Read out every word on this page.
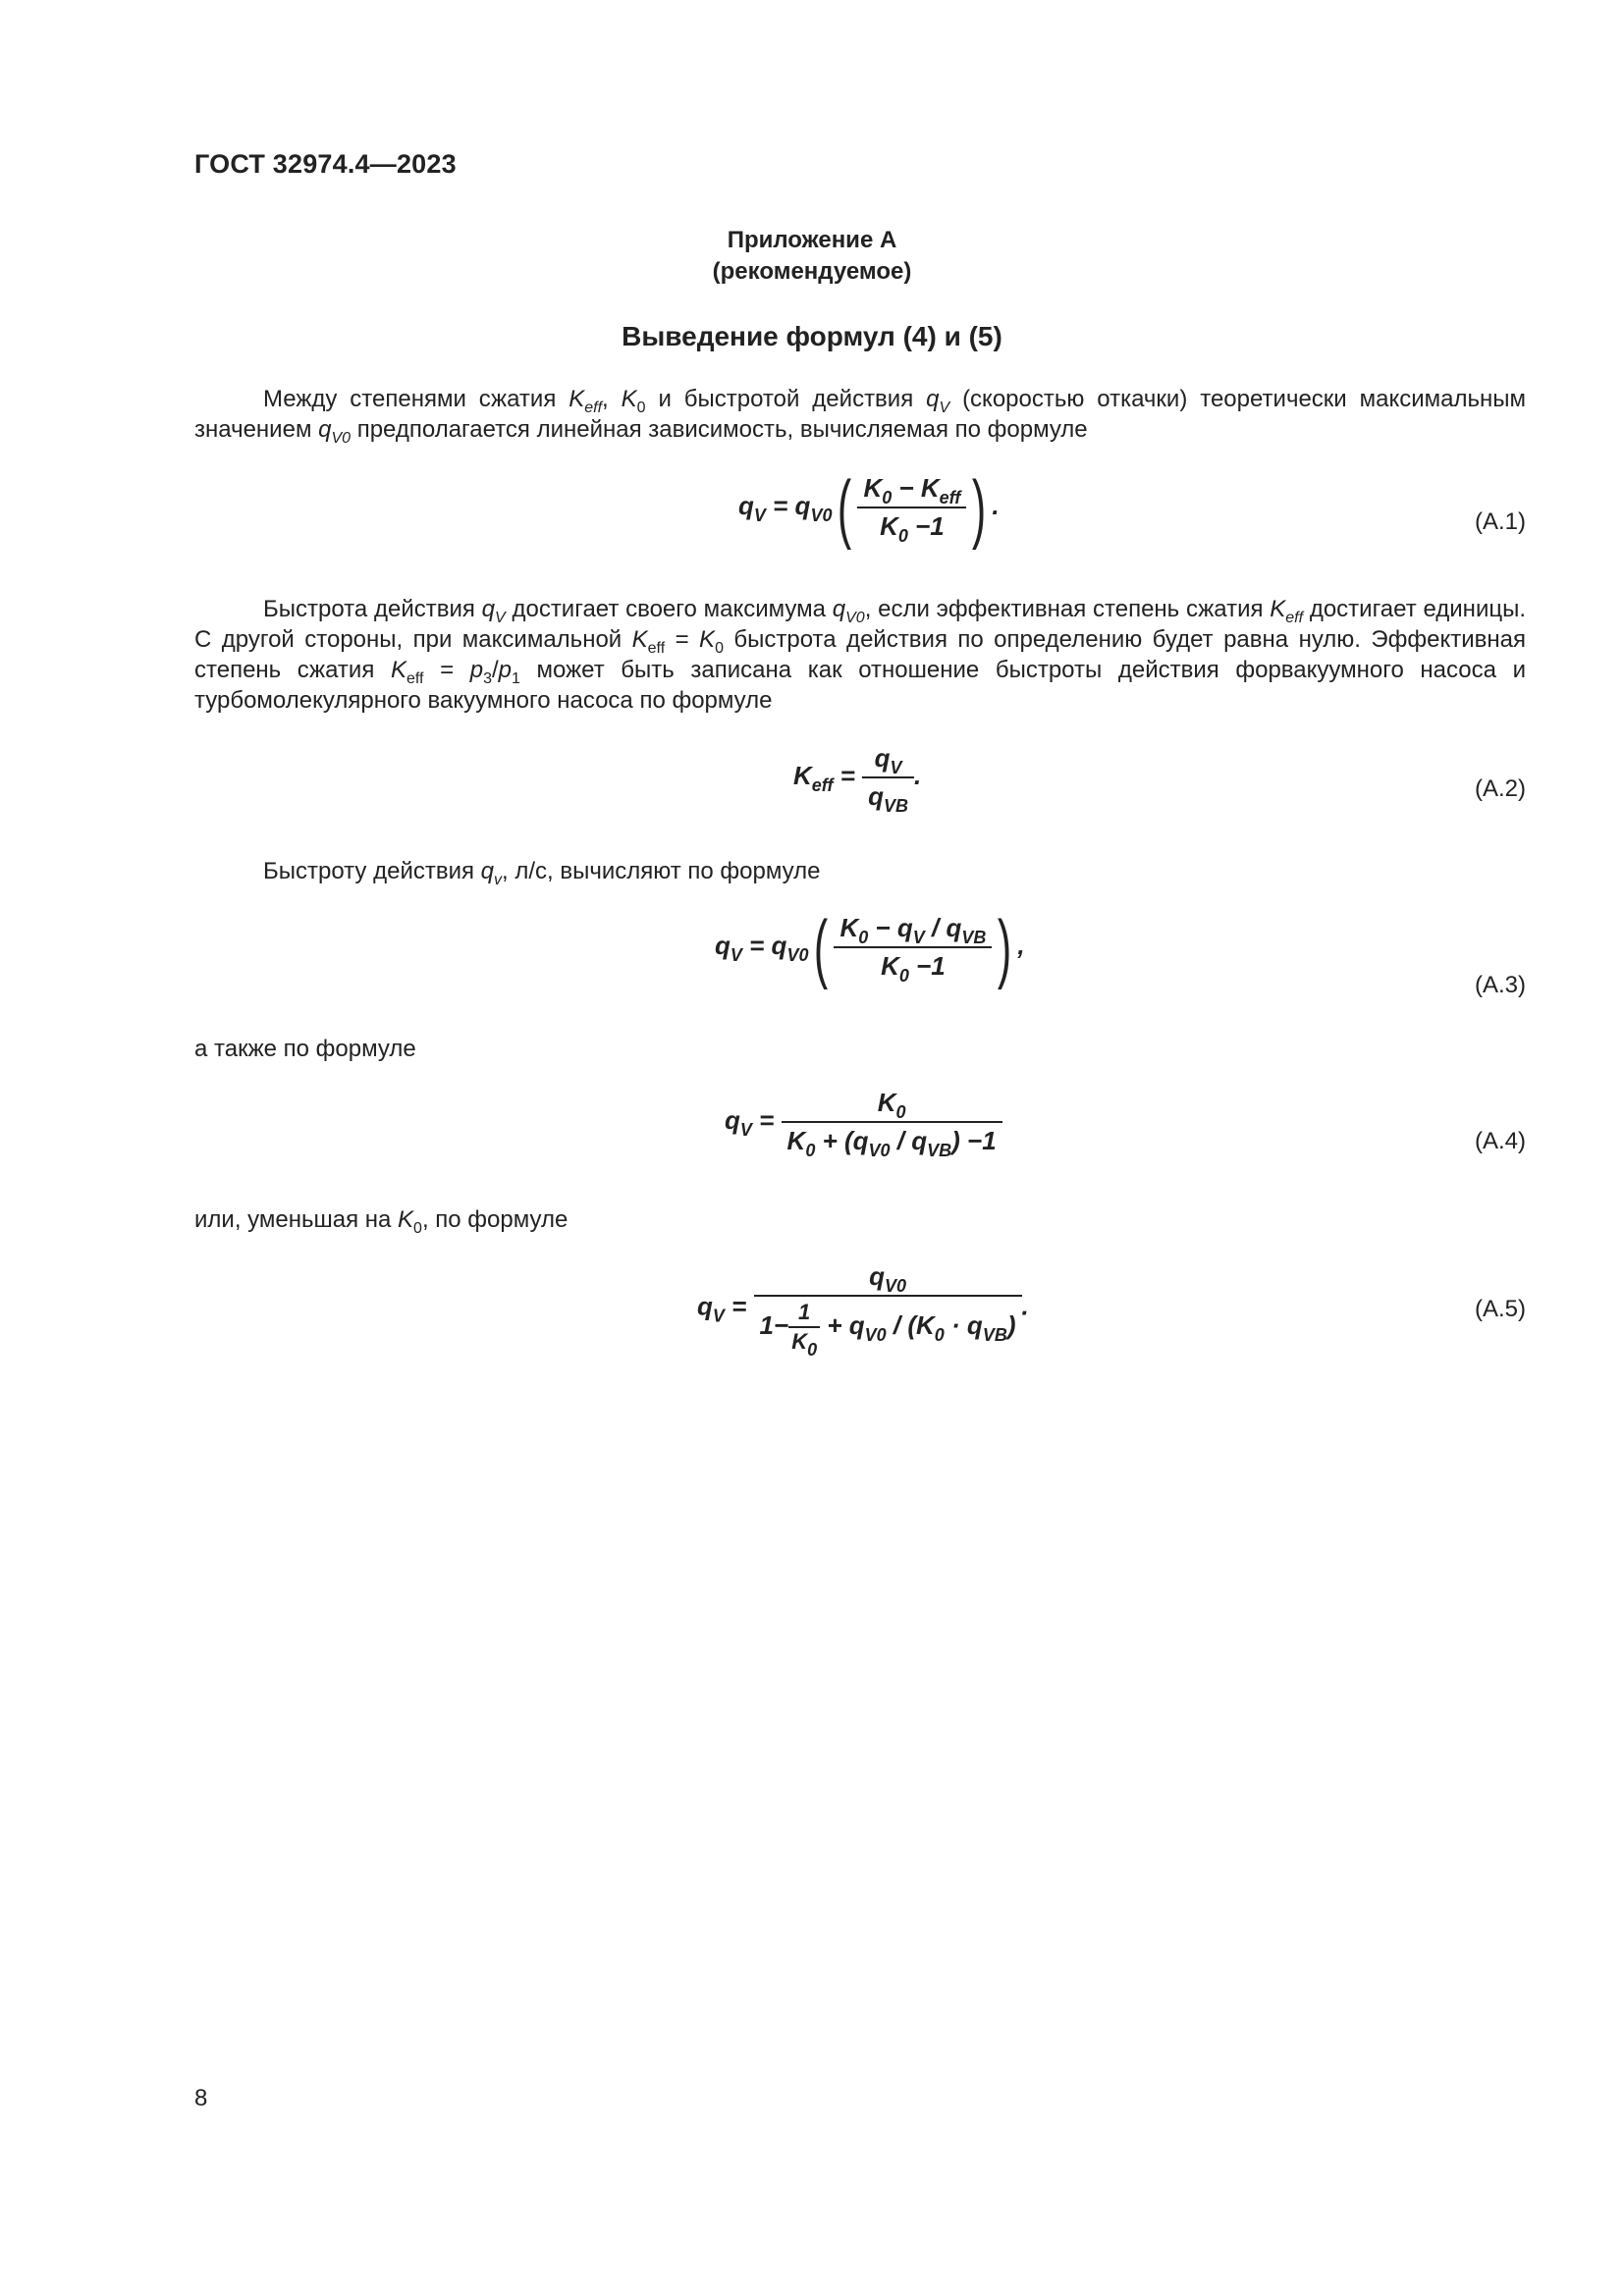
ГОСТ 32974.4—2023
Приложение А
(рекомендуемое)
Выведение формул (4) и (5)
Между степенями сжатия $K_{eff}$, $K_0$ и быстротой действия $q_V$ (скоростью откачки) теоретически максимальным значением $q_{V0}$ предполагается линейная зависимость, вычисляемая по формуле
$q_V = q_{V0}( \frac{K_0 - K_{eff}}{K_0 -1}$ ) .
(А.1)
Быстрота действия $q_V$ достигает своего максимума $q_{V0}$, если эффективная степень сжатия $K_{eff}$ достигает единицы. С другой стороны, при максимальной $K_{eff} = K_0$ быстрота действия по определению будет равна нулю. Эффективная степень сжатия $K_{eff} = p_3/p_1$ может быть записана как отношение быстроты действия форвакуумного насоса и турбомолекулярного вакуумного насоса по формуле
$K_{eff} = \frac{q_V}{q_{VB}}$ .	(А.2)
Быстроту действия $q_v$, л/с, вычисляют по формуле
$q_V = q_{V0}( \frac{K_0 - q_V / q_{VB}}{K_0 -1}$ ) ,
(А.3)
а также по формуле
$q_V = \frac{K_0}{K_0 + (q_{V0} / q_{VB}) -1}$	(А.4)
или, уменьшая на $K_0$, по формуле
$q_V = \frac{q_{V0}}{1- \frac{1}{K_0} + q_{V0} / (K_0 \cdot q_{VB})}$ .	(А.5)
8
